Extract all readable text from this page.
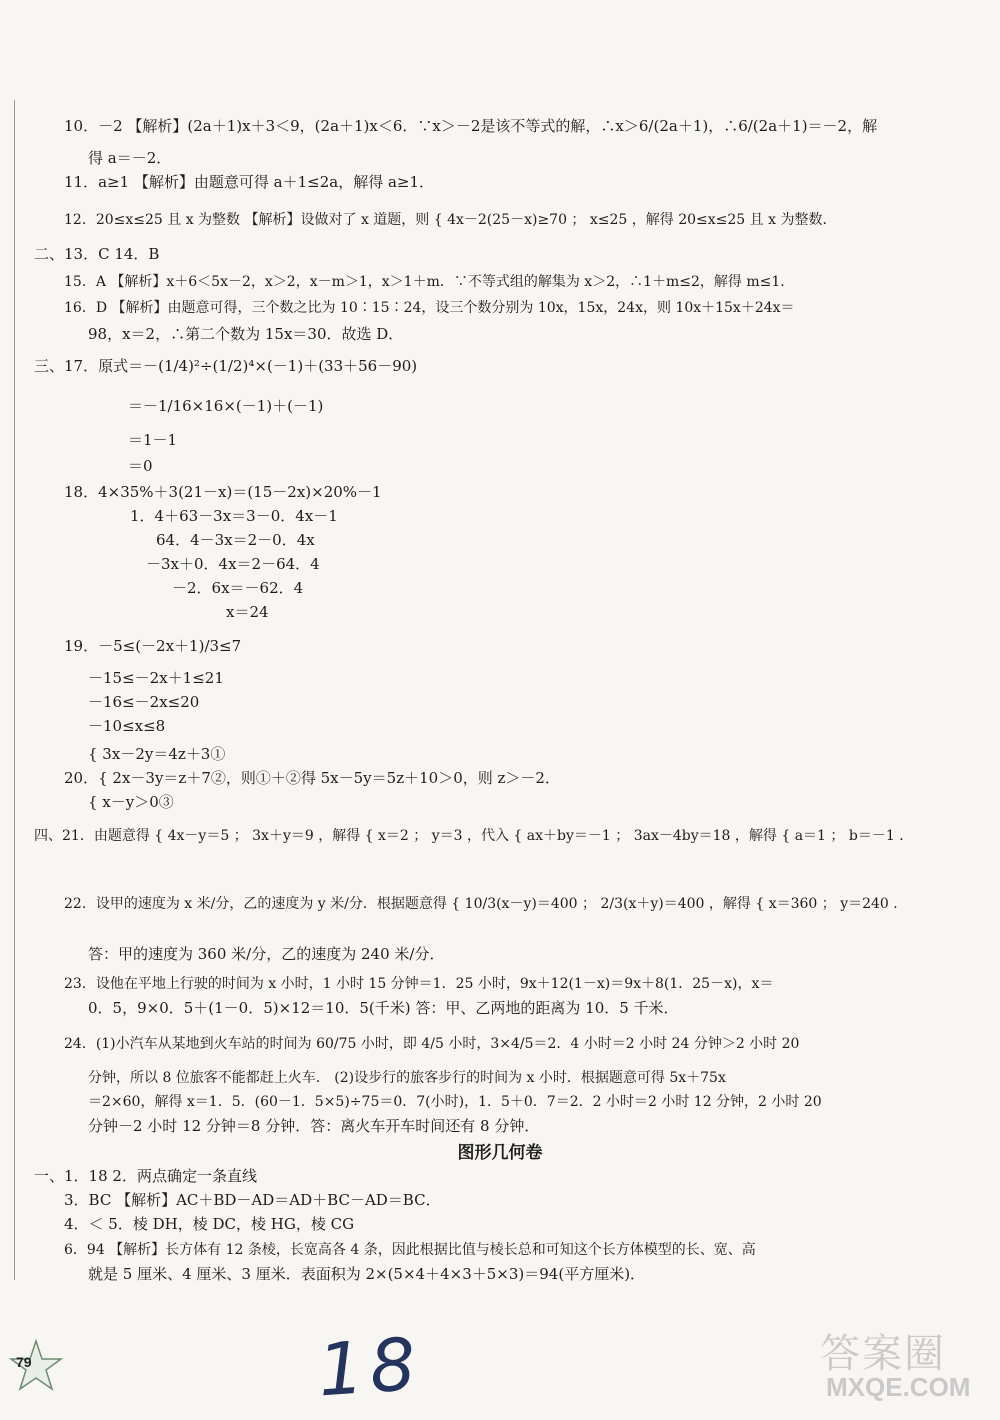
10．－2 【解析】(2a＋1)x＋3＜9，(2a＋1)x＜6．∵x＞－2是该不等式的解，∴x＞6/(2a＋1)，∴6/(2a＋1)＝－2，解
得 a＝－2．
11．a≥1 【解析】由题意可得 a＋1≤2a，解得 a≥1．
12．20≤x≤25 且 x 为整数 【解析】设做对了 x 道题，则 { 4x－2(25－x)≥70 ； x≤25 ，解得 20≤x≤25 且 x 为整数．
二、13．C 14．B
15．A 【解析】x＋6＜5x－2，x＞2，x－m＞1，x＞1＋m．∵不等式组的解集为 x＞2，∴1＋m≤2，解得 m≤1．
16．D 【解析】由题意可得，三个数之比为 10∶15∶24，设三个数分别为 10x，15x，24x，则 10x＋15x＋24x＝
98，x＝2，∴第二个数为 15x＝30．故选 D．
三、17．原式＝－(1/4)²÷(1/2)⁴×(－1)＋(33＋56－90)
＝－1/16×16×(－1)＋(－1)
＝1－1
＝0
18．4×35%＋3(21－x)＝(15－2x)×20%－1
1．4＋63－3x＝3－0．4x－1
64．4－3x＝2－0．4x
－3x＋0．4x＝2－64．4
－2．6x＝－62．4
x＝24
19．－5≤(－2x＋1)/3≤7
－15≤－2x＋1≤21
－16≤－2x≤20
－10≤x≤8
{ 3x－2y＝4z＋3①
20．{ 2x－3y＝z＋7②，则①＋②得 5x－5y＝5z＋10＞0，则 z＞－2．
{ x－y＞0③
四、21．由题意得 { 4x－y＝5 ； 3x＋y＝9 ，解得 { x＝2 ； y＝3 ，代入 { ax＋by＝－1 ； 3ax－4by＝18 ，解得 { a＝1 ； b＝－1 ．
22．设甲的速度为 x 米/分，乙的速度为 y 米/分．根据题意得 { 10/3(x－y)＝400 ； 2/3(x＋y)＝400 ，解得 { x＝360 ； y＝240 ．
答：甲的速度为 360 米/分，乙的速度为 240 米/分．
23．设他在平地上行驶的时间为 x 小时，1 小时 15 分钟＝1．25 小时，9x＋12(1－x)＝9x＋8(1．25－x)，x＝
0．5，9×0．5＋(1－0．5)×12＝10．5(千米) 答：甲、乙两地的距离为 10．5 千米．
24．(1)小汽车从某地到火车站的时间为 60/75 小时，即 4/5 小时，3×4/5＝2．4 小时＝2 小时 24 分钟＞2 小时 20
分钟，所以 8 位旅客不能都赶上火车． (2)设步行的旅客步行的时间为 x 小时．根据题意可得 5x＋75x
＝2×60，解得 x＝1．5．(60－1．5×5)÷75＝0．7(小时)，1．5＋0．7＝2．2 小时＝2 小时 12 分钟，2 小时 20
分钟－2 小时 12 分钟＝8 分钟．答：离火车开车时间还有 8 分钟．
图形几何卷
一、1．18 2．两点确定一条直线
3．BC 【解析】AC＋BD－AD＝AD＋BC－AD＝BC．
4．＜ 5．棱 DH，棱 DC，棱 HG，棱 CG
6．94 【解析】长方体有 12 条棱，长宽高各 4 条，因此根据比值与棱长总和可知这个长方体模型的长、宽、高
就是 5 厘米、4 厘米、3 厘米．表面积为 2×(5×4＋4×3＋5×3)＝94(平方厘米)．
79	18	答案圈
MXQE.COM
